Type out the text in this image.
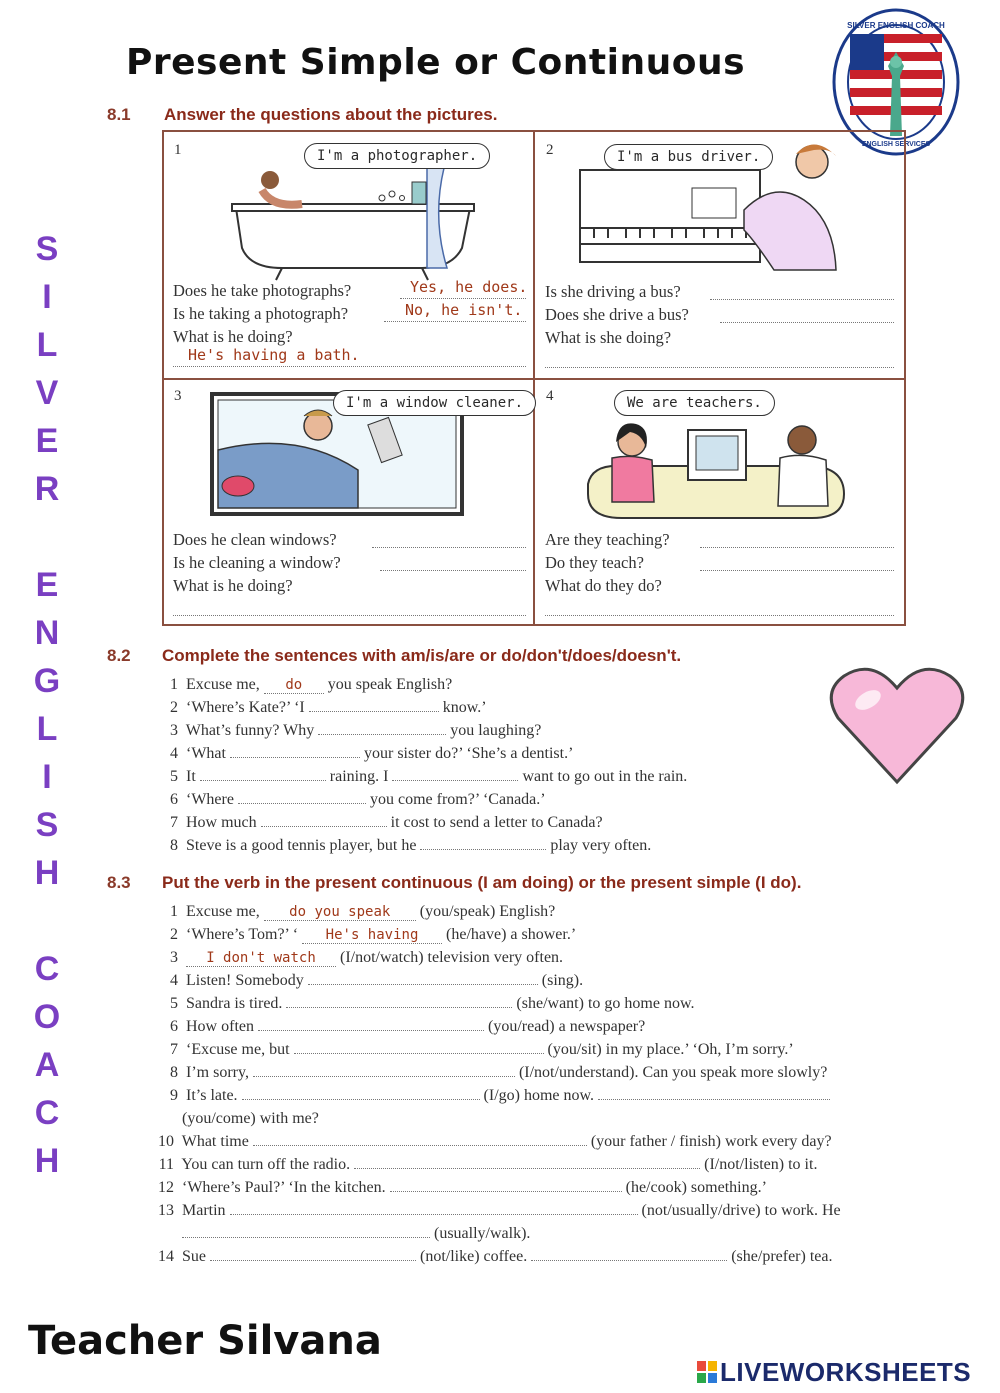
Present Simple or Continuous
SILVER ENGLISH COACH
ENGLISH SERVICES
S
I
L
V
E
R
E
N
G
L
I
S
H
C
O
A
C
H
8.1 Answer the questions about the pictures.
1	I'm a photographer.
Does he take photographs?	Yes, he does.
Is he taking a photograph?	No, he isn't.
What is he doing?
He's having a bath.
2	I'm a bus driver.
Is she driving a bus?
Does she drive a bus?
What is she doing?
3	I'm a window cleaner.
Does he clean windows?
Is he cleaning a window?
What is he doing?
4	We are teachers.
Are they teaching?
Do they teach?
What do they do?
8.2 Complete the sentences with am/is/are or do/don't/does/doesn't.
1 Excuse me, do you speak English?
2 ‘Where’s Kate?’ ‘I	know.’
3 What’s funny? Why	you laughing?
4 ‘What	your sister do?’ ‘She’s a dentist.’
5 It	raining. I	want to go out in the rain.
6 ‘Where	you come from?’ ‘Canada.’
7 How much	it cost to send a letter to Canada?
8 Steve is a good tennis player, but he	play very often.
8.3 Put the verb in the present continuous (I am doing) or the present simple (I do).
1 Excuse me, do you speak (you/speak) English?
2 ‘Where’s Tom?’ ‘ He's having (he/have) a shower.’
3 I don't watch (I/not/watch) television very often.
4 Listen! Somebody	(sing).
5 Sandra is tired.	(she/want) to go home now.
6 How often	(you/read) a newspaper?
7 ‘Excuse me, but	(you/sit) in my place.’ ‘Oh, I’m sorry.’
8 I’m sorry,	(I/not/understand). Can you speak more slowly?
9 It’s late.	(I/go) home now.
(you/come) with me?
10 What time	(your father / finish) work every day?
11 You can turn off the radio.	(I/not/listen) to it.
12 ‘Where’s Paul?’ ‘In the kitchen.	(he/cook) something.’
13 Martin	(not/usually/drive) to work. He
(usually/walk).
14 Sue	(not/like) coffee.	(she/prefer) tea.
Teacher Silvana
LIVEWORKSHEETS
